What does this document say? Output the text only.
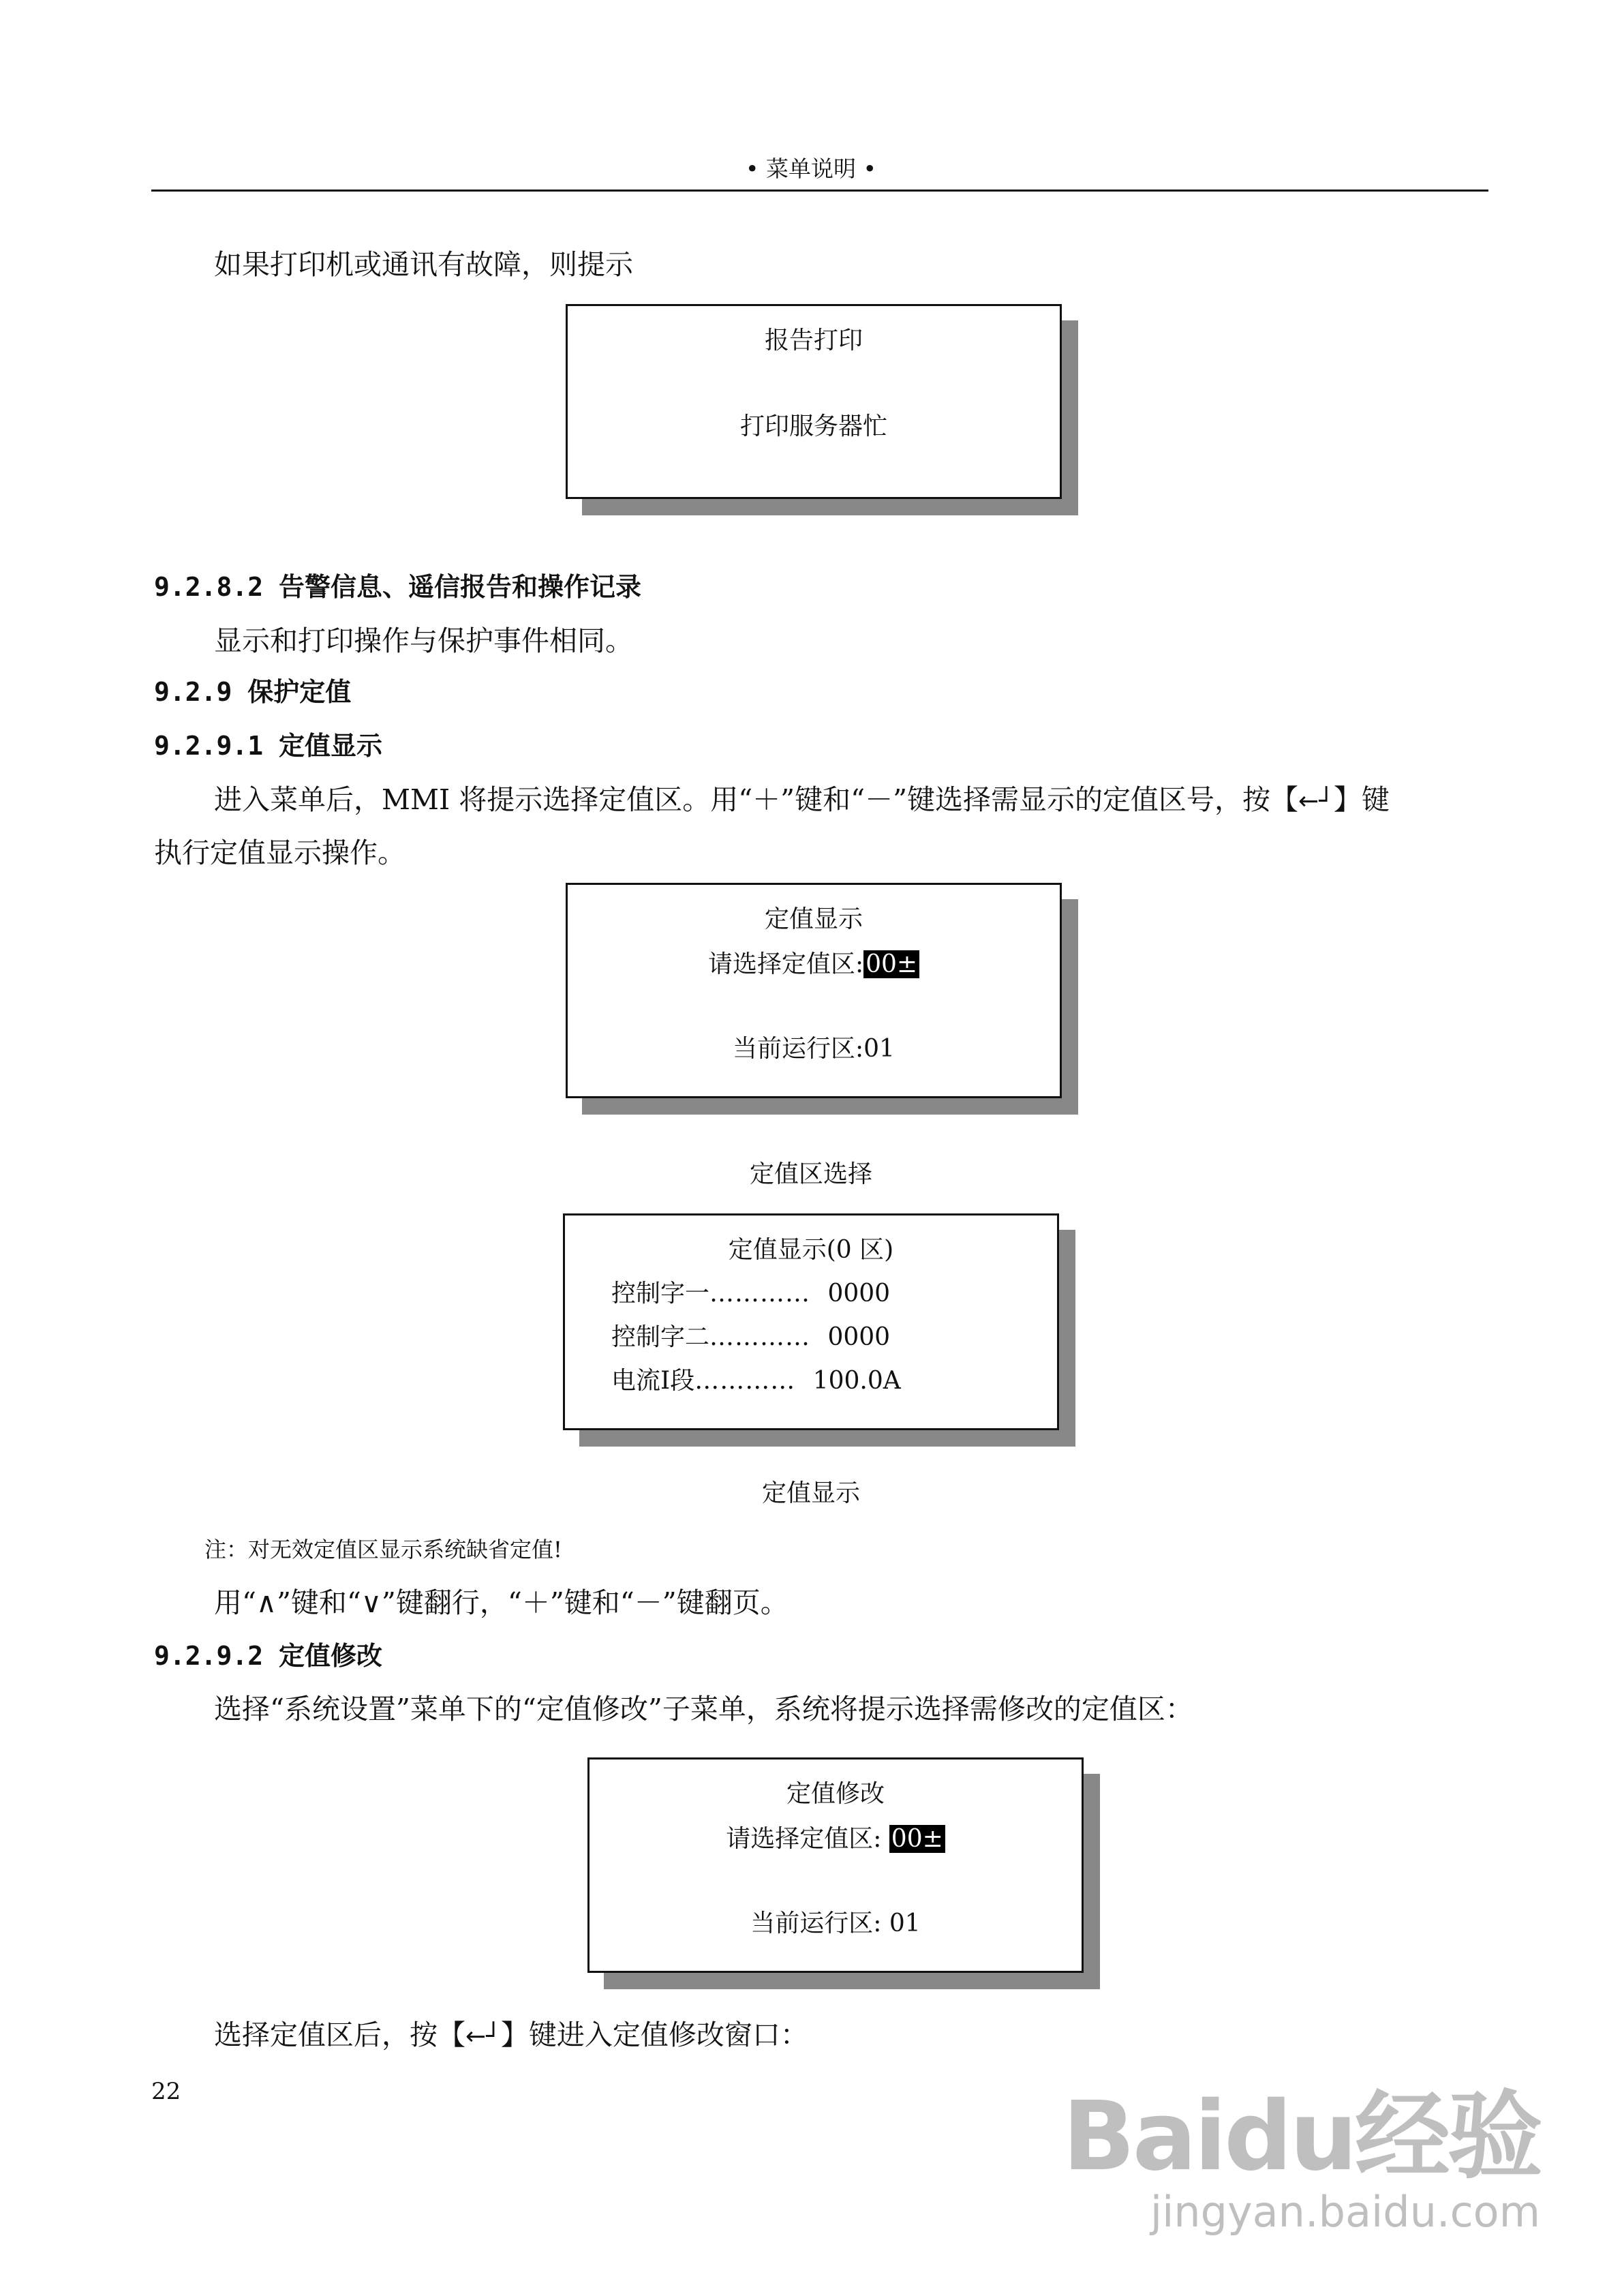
• 菜单说明 •
如果打印机或通讯有故障，则提示
报告打印
打印服务器忙
9.2.8.2 告警信息、遥信报告和操作记录
显示和打印操作与保护事件相同。
9.2.9 保护定值
9.2.9.1 定值显示
进入菜单后，MMI 将提示选择定值区。用“＋”键和“－”键选择需显示的定值区号，按【←┘】键
执行定值显示操作。
定值显示
请选择定值区:00±
当前运行区:01
定值区选择
定值显示(0 区)
控制字一………… 0000
控制字二………… 0000
电流Ⅰ段………… 100.0A
定值显示
注：对无效定值区显示系统缺省定值!
用“∧”键和“∨”键翻行，“＋”键和“－”键翻页。
9.2.9.2 定值修改
选择“系统设置”菜单下的“定值修改”子菜单，系统将提示选择需修改的定值区：
定值修改
请选择定值区: 00±
当前运行区: 01
选择定值区后，按【←┘】键进入定值修改窗口：
22	Baidu经验
jingyan.baidu.com
